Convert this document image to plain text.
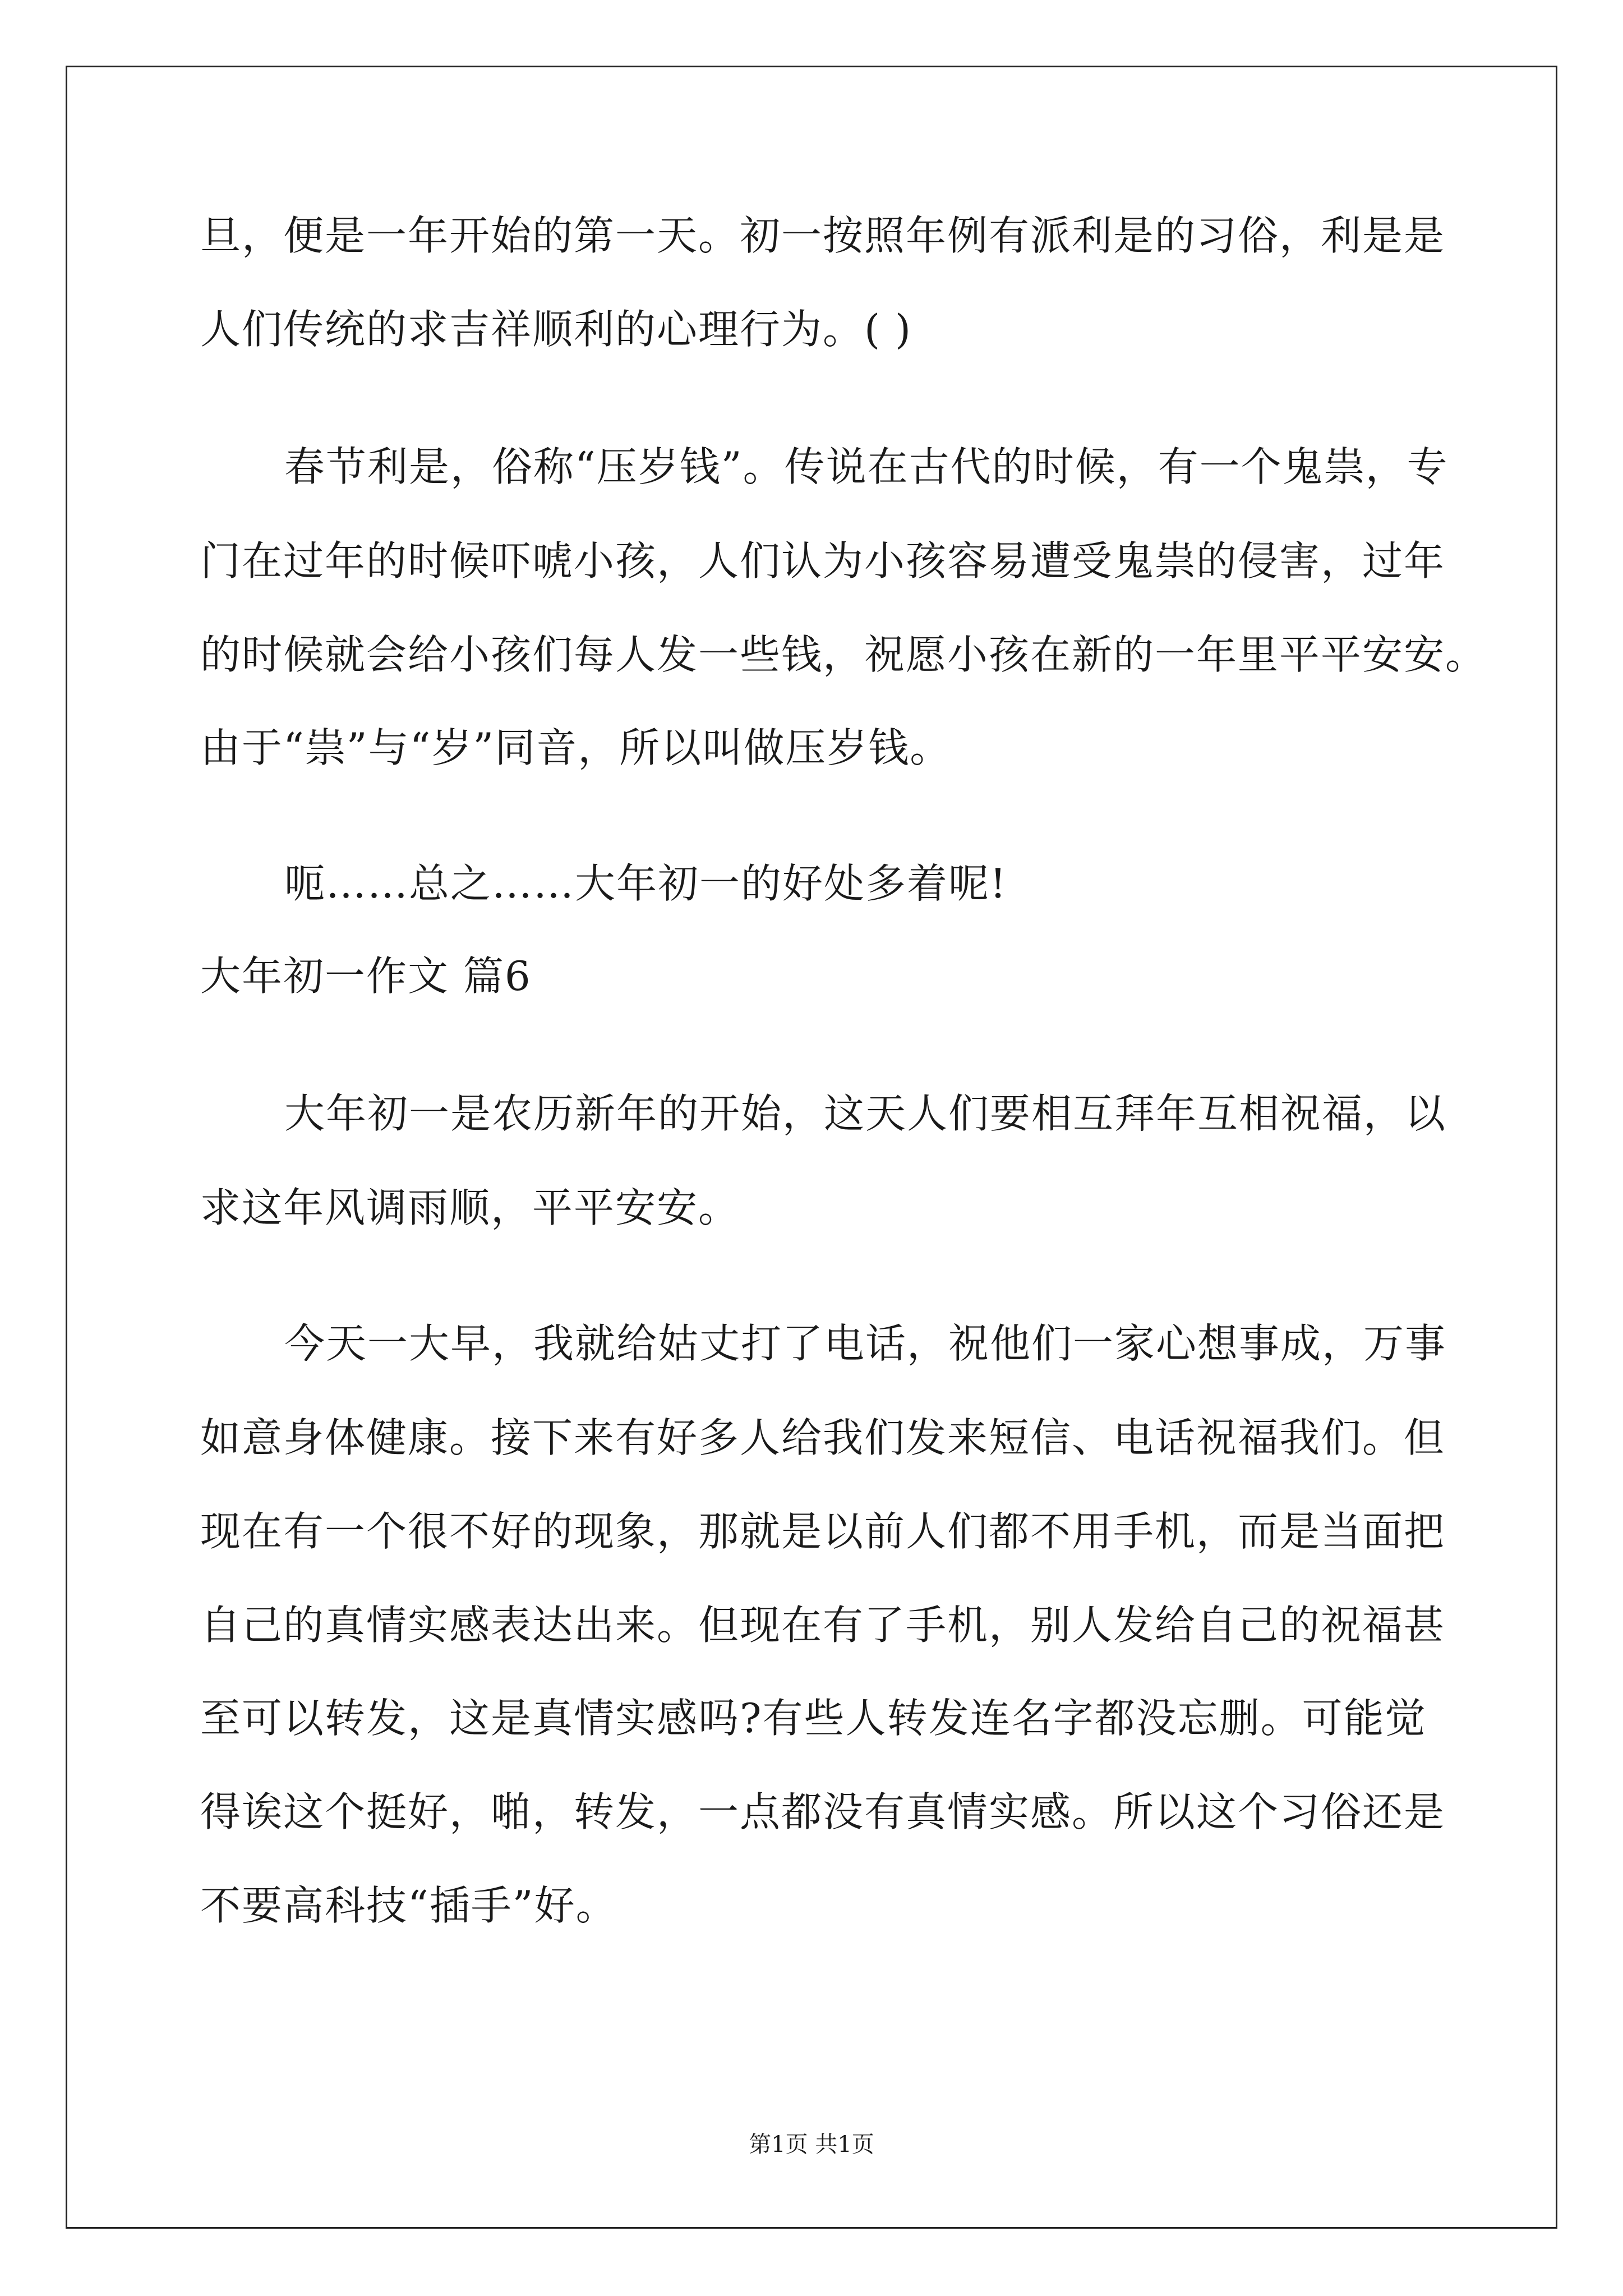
旦，便是一年开始的第一天。初一按照年例有派利是的习俗，利是是
人们传统的求吉祥顺利的心理行为。( )
春节利是，俗称“压岁钱”。传说在古代的时候，有一个鬼祟，专
门在过年的时候吓唬小孩，人们认为小孩容易遭受鬼祟的侵害，过年
的时候就会给小孩们每人发一些钱，祝愿小孩在新的一年里平平安安。
由于“祟”与“岁”同音，所以叫做压岁钱。
呃……总之……大年初一的好处多着呢!
大年初一作文 篇6
大年初一是农历新年的开始，这天人们要相互拜年互相祝福，以
求这年风调雨顺，平平安安。
今天一大早，我就给姑丈打了电话，祝他们一家心想事成，万事
如意身体健康。接下来有好多人给我们发来短信、电话祝福我们。但
现在有一个很不好的现象，那就是以前人们都不用手机，而是当面把
自己的真情实感表达出来。但现在有了手机，别人发给自己的祝福甚
至可以转发，这是真情实感吗?有些人转发连名字都没忘删。可能觉
得诶这个挺好，啪，转发，一点都没有真情实感。所以这个习俗还是
不要高科技“插手”好。
第1页 共1页
